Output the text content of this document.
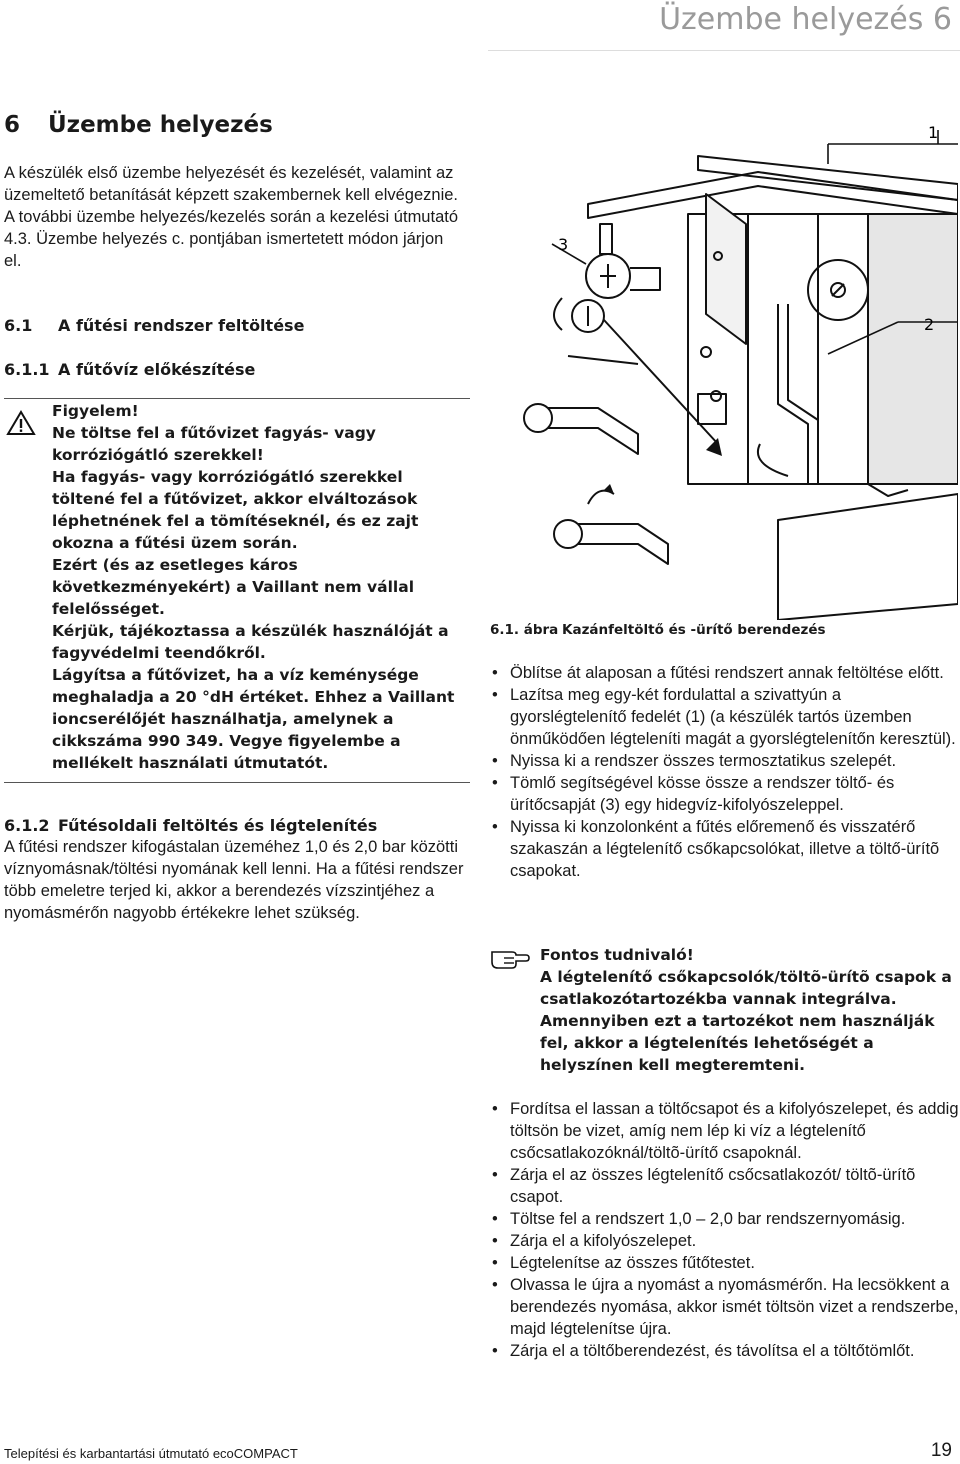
Üzembe helyezés 6
6 Üzembe helyezés
A készülék első üzembe helyezését és kezelését, valamint az üzemeltető betanítását képzett szakembernek kell elvégeznie. A további üzembe helyezés/kezelés során a kezelési útmutató 4.3. Üzembe helyezés c. pontjában ismertetett módon járjon el.
6.1 A fűtési rendszer feltöltése
6.1.1 A fűtővíz előkészítése

Figyelem!

Ne töltse fel a fűtővizet fagyás- vagy korróziógátló szerekkel!

Ha fagyás- vagy korróziógátló szerekkel töltené fel a fűtővizet, akkor elváltozások léphetnének fel a tömítéseknél, és ez zajt okozna a fűtési üzem során.

Ezért (és az esetleges káros következményekért) a Vaillant nem vállal felelősséget.

Kérjük, tájékoztassa a készülék használóját a fagyvédelmi teendőkről.

Lágyítsa a fűtővizet, ha a víz keménysége meghaladja a 20 °dH értéket. Ehhez a Vaillant ioncserélőjét használhatja, amelynek a cikkszáma 990 349. Vegye figyelembe a mellékelt használati útmutatót.

6.1.2 Fűtésoldali feltöltés és légtelenítés
A fűtési rendszer kifogástalan üzeméhez 1,0 és 2,0 bar közötti víznyomásnak/töltési nyomának kell lenni. Ha a fűtési rendszer több emeletre terjed ki, akkor a berendezés vízszintjéhez a nyomásmérőn nagyobb értékekre lehet szükség.
1
2
3
6.1. ábra Kazánfeltöltő és -ürítő berendezés
• Öblítse át alaposan a fűtési rendszert annak feltöltése előtt.
• Lazítsa meg egy-két fordulattal a szivattyún a gyorslégtelenítő fedelét (1) (a készülék tartós üzemben önműködően légteleníti magát a gyorslégtelenítőn keresztül).
• Nyissa ki a rendszer összes termosztatikus szelepét.
• Tömlő segítségével kösse össze a rendszer töltő- és ürítőcsapját (3) egy hidegvíz-kifolyószeleppel.
• Nyissa ki konzolonként a fűtés előremenő és visszatérő szakaszán a légtelenítő csőkapcsolókat, illetve a töltő-ürítõ csapokat.

Fontos tudnivaló!

A légtelenítő csőkapcsolók/töltõ-ürítõ csapok a csatlakozótartozékba vannak integrálva.

Amennyiben ezt a tartozékot nem használják fel, akkor a légtelenítés lehetőségét a helyszínen kell megteremteni.

• Fordítsa el lassan a töltőcsapot és a kifolyószelepet, és addig töltsön be vizet, amíg nem lép ki víz a légtelenítő csőcsatlakozóknál/töltõ-ürítő csapoknál.
• Zárja el az összes légtelenítő csőcsatlakozót/ töltõ-ürítõ csapot.
• Töltse fel a rendszert 1,0 – 2,0 bar rendszernyomásig.
• Zárja el a kifolyószelepet.
• Légtelenítse az összes fűtőtestet.
• Olvassa le újra a nyomást a nyomásmérőn. Ha lecsökkent a berendezés nyomása, akkor ismét töltsön vizet a rendszerbe, majd légtelenítse újra.
• Zárja el a töltőberendezést, és távolítsa el a töltőtömlőt.
Telepítési és karbantartási útmutató ecoCOMPACT	19
